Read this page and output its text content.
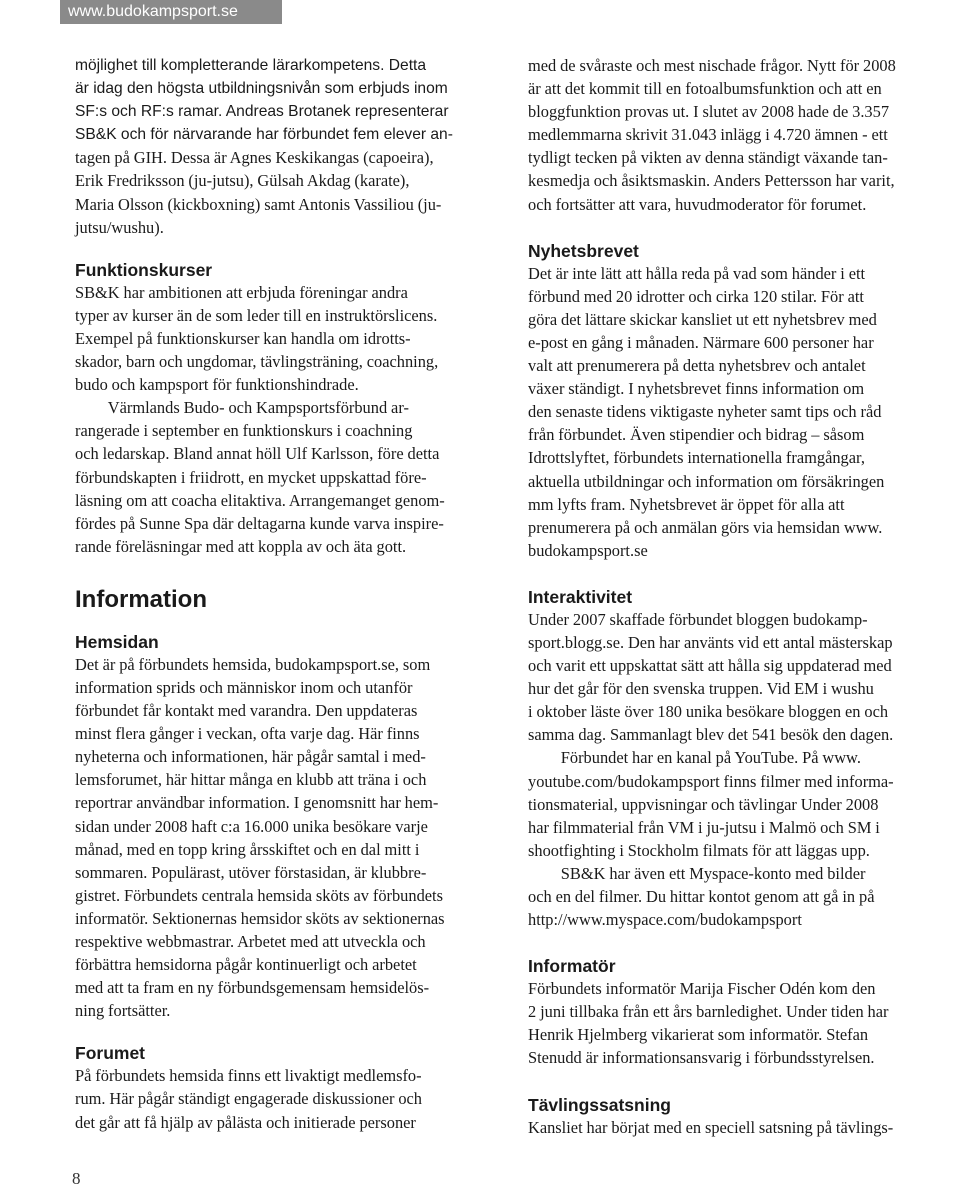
www.budokampsport.se

möjlighet till kompletterande lärarkompetens. Detta
är idag den högsta utbildningsnivån som erbjuds inom
SF:s och RF:s ramar. Andreas Brotanek representerar
SB&K och för närvarande har förbundet fem elever an-

tagen på GIH. Dessa är Agnes Keskikangas (capoeira),
Erik Fredriksson (ju-jutsu), Gülsah Akdag (karate),
Maria Olsson (kickboxning) samt Antonis Vassiliou (ju-
jutsu/wushu).

Funktionskurser

SB&K har ambitionen att erbjuda föreningar andra
typer av kurser än de som leder till en instruktörslicens.
Exempel på funktionskurser kan handla om idrotts-
skador, barn och ungdomar, tävlingsträning, coachning,
budo och kampsport för funktionshindrade.
  Värmlands Budo- och Kampsportsförbund ar-
rangerade i september en funktionskurs i coachning
och ledarskap. Bland annat höll Ulf Karlsson, före detta
förbundskapten i friidrott, en mycket uppskattad före-
läsning om att coacha elitaktiva. Arrangemanget genom-
fördes på Sunne Spa där deltagarna kunde varva inspire-
rande föreläsningar med att koppla av och äta gott.

Information
Hemsidan

Det är på förbundets hemsida, budokampsport.se, som
information sprids och människor inom och utanför
förbundet får kontakt med varandra. Den uppdateras
minst flera gånger i veckan, ofta varje dag. Här finns
nyheterna och informationen, här pågår samtal i med-
lemsforumet, här hittar många en klubb att träna i och
reportrar användbar information. I genomsnitt har hem-
sidan under 2008 haft c:a 16.000 unika besökare varje
månad, med en topp kring årsskiftet och en dal mitt i
sommaren. Populärast, utöver förstasidan, är klubbre-
gistret. Förbundets centrala hemsida sköts av förbundets
informatör. Sektionernas hemsidor sköts av sektionernas
respektive webbmastrar. Arbetet med att utveckla och
förbättra hemsidorna pågår kontinuerligt och arbetet
med att ta fram en ny förbundsgemensam hemsidelös-
ning fortsätter.

Forumet

På förbundets hemsida finns ett livaktigt medlemsfo-
rum. Här pågår ständigt engagerade diskussioner och
det går att få hjälp av pålästa och initierade personer

med de svåraste och mest nischade frågor. Nytt för 2008
är att det kommit till en fotoalbumsfunktion och att en
bloggfunktion provas ut. I slutet av 2008 hade de 3.357
medlemmarna skrivit 31.043 inlägg i 4.720 ämnen - ett
tydligt tecken på vikten av denna ständigt växande tan-
kesmedja och åsiktsmaskin. Anders Pettersson har varit,
och fortsätter att vara, huvudmoderator för forumet.

Nyhetsbrevet

Det är inte lätt att hålla reda på vad som händer i ett
förbund med 20 idrotter och cirka 120 stilar. För att
göra det lättare skickar kansliet ut ett nyhetsbrev med
e-post en gång i månaden. Närmare 600 personer har
valt att prenumerera på detta nyhetsbrev och antalet
växer ständigt. I nyhetsbrevet finns information om
den senaste tidens viktigaste nyheter samt tips och råd
från förbundet. Även stipendier och bidrag – såsom
Idrottslyftet, förbundets internationella framgångar,
aktuella utbildningar och information om försäkringen
mm lyfts fram. Nyhetsbrevet är öppet för alla att
prenumerera på och anmälan görs via hemsidan www.
budokampsport.se

Interaktivitet

Under 2007 skaffade förbundet bloggen budokamp-
sport.blogg.se. Den har använts vid ett antal mästerskap
och varit ett uppskattat sätt att hålla sig uppdaterad med
hur det går för den svenska truppen. Vid EM i wushu
i oktober läste över 180 unika besökare bloggen en och
samma dag. Sammanlagt blev det 541 besök den dagen.
  Förbundet har en kanal på YouTube. På www.
youtube.com/budokampsport finns filmer med informa-
tionsmaterial, uppvisningar och tävlingar Under 2008
har filmmaterial från VM i ju-jutsu i Malmö och SM i
shootfighting i Stockholm filmats för att läggas upp.
  SB&K har även ett Myspace-konto med bilder
och en del filmer. Du hittar kontot genom att gå in på
http://www.myspace.com/budokampsport

Informatör

Förbundets informatör Marija Fischer Odén kom den
2 juni tillbaka från ett års barnledighet. Under tiden har
Henrik Hjelmberg vikarierat som informatör. Stefan
Stenudd är informationsansvarig i förbundsstyrelsen.

Tävlingssatsning

Kansliet har börjat med en speciell satsning på tävlings-

8
